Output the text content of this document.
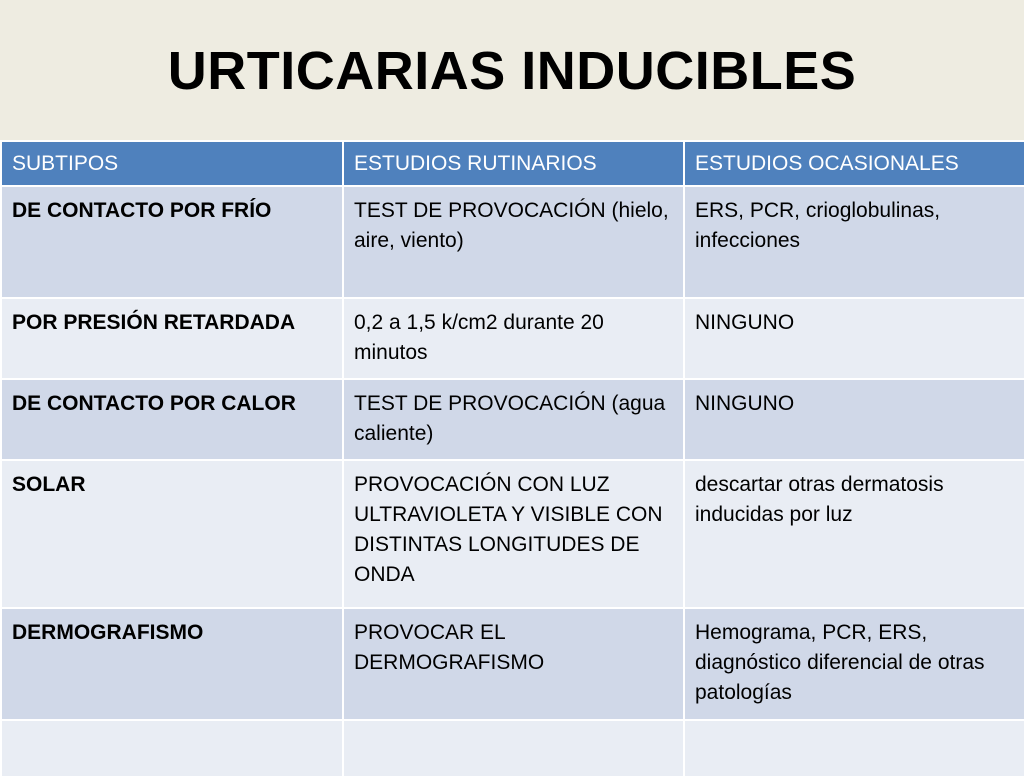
URTICARIAS INDUCIBLES
SUBTIPOS	ESTUDIOS RUTINARIOS	ESTUDIOS OCASIONALES
DE CONTACTO POR FRÍO	TEST DE PROVOCACIÓN (hielo, aire, viento)	ERS, PCR, crioglobulinas, infecciones
POR PRESIÓN RETARDADA	0,2 a 1,5 k/cm2 durante 20 minutos	NINGUNO
DE CONTACTO POR CALOR	TEST DE PROVOCACIÓN (agua caliente)	NINGUNO
SOLAR	PROVOCACIÓN CON LUZ ULTRAVIOLETA Y VISIBLE CON DISTINTAS LONGITUDES DE ONDA	descartar otras dermatosis inducidas por luz
DERMOGRAFISMO	PROVOCAR EL DERMOGRAFISMO	Hemograma, PCR, ERS, diagnóstico diferencial de otras patologías
